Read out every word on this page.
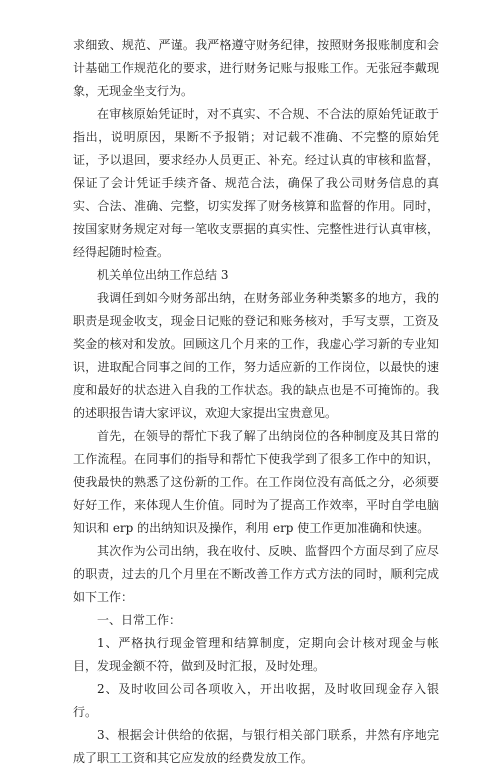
求细致、规范、严谨。我严格遵守财务纪律，按照财务报账制度和会计基础工作规范化的要求，进行财务记账与报账工作。无张冠李戴现象，无现金坐支行为。

在审核原始凭证时，对不真实、不合规、不合法的原始凭证敢于指出，说明原因，果断不予报销；对记载不准确、不完整的原始凭证，予以退回，要求经办人员更正、补充。经过认真的审核和监督，保证了会计凭证手续齐备、规范合法，确保了我公司财务信息的真实、合法、准确、完整，切实发挥了财务核算和监督的作用。同时，按国家财务规定对每一笔收支票据的真实性、完整性进行认真审核，经得起随时检查。

机关单位出纳工作总结 3

我调任到如今财务部出纳，在财务部业务种类繁多的地方，我的职责是现金收支，现金日记账的登记和账务核对，手写支票，工资及奖金的核对和发放。回顾这几个月来的工作，我虚心学习新的专业知识，进取配合同事之间的工作，努力适应新的工作岗位，以最快的速度和最好的状态进入自我的工作状态。我的缺点也是不可掩饰的。我的述职报告请大家评议，欢迎大家提出宝贵意见。

首先，在领导的帮忙下我了解了出纳岗位的各种制度及其日常的工作流程。在同事们的指导和帮忙下使我学到了很多工作中的知识，使我最快的熟悉了这份新的工作。在工作岗位没有高低之分，必须要好好工作，来体现人生价值。同时为了提高工作效率，平时自学电脑知识和 erp 的出纳知识及操作，利用 erp 使工作更加准确和快速。

其次作为公司出纳，我在收付、反映、监督四个方面尽到了应尽的职责，过去的几个月里在不断改善工作方式方法的同时，顺利完成如下工作：

一、日常工作：

1、严格执行现金管理和结算制度，定期向会计核对现金与帐目，发现金额不符，做到及时汇报，及时处理。

2、及时收回公司各项收入，开出收据，及时收回现金存入银行。

3、根据会计供给的依据，与银行相关部门联系，井然有序地完成了职工工资和其它应发放的经费发放工作。
